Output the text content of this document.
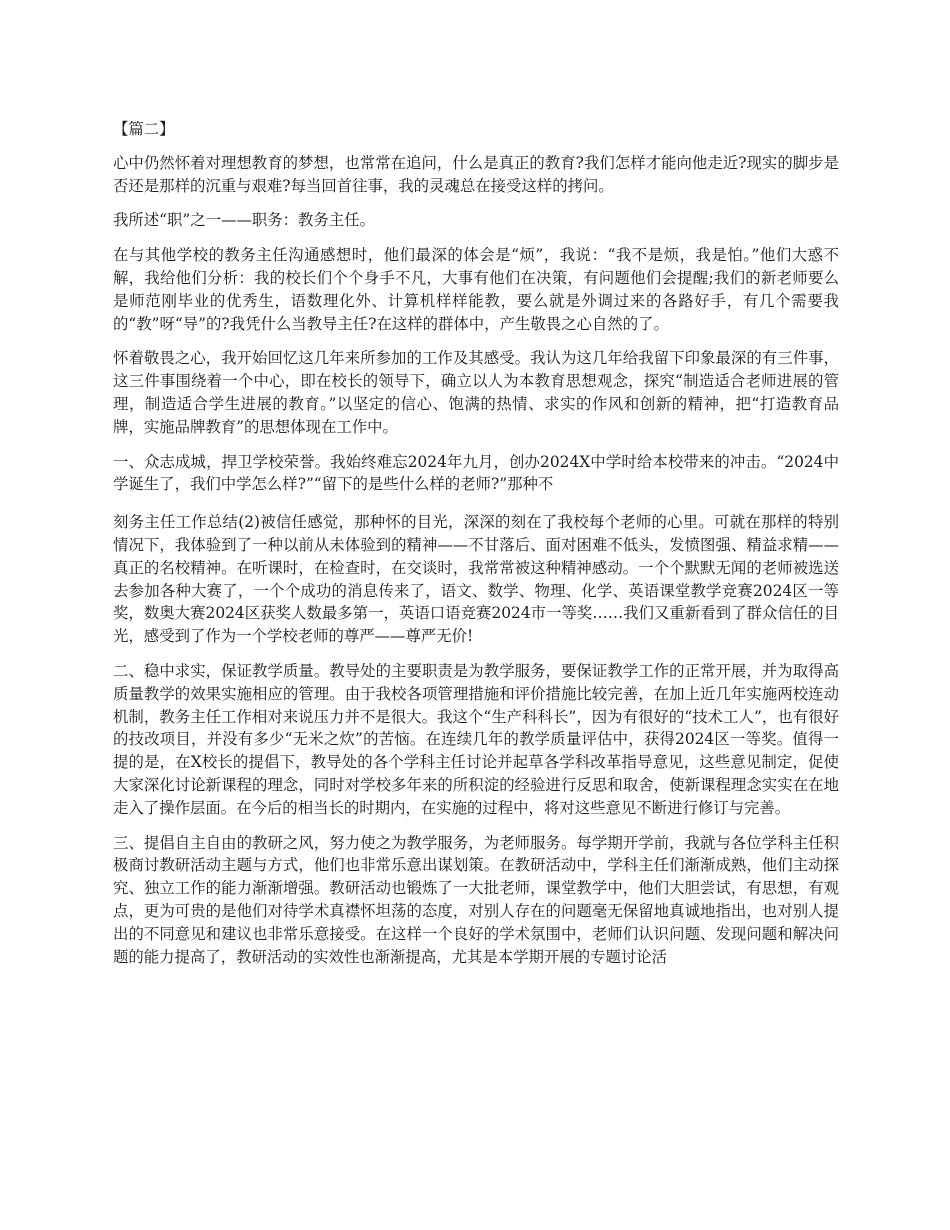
【篇二】

心中仍然怀着对理想教育的梦想，也常常在追问，什么是真正的教育?我们怎样才能向他走近?现实的脚步是否还是那样的沉重与艰难?每当回首往事，我的灵魂总在接受这样的拷问。

我所述“职”之一——职务：教务主任。

在与其他学校的教务主任沟通感想时，他们最深的体会是“烦”，我说：“我不是烦，我是怕。”他们大惑不解，我给他们分析：我的校长们个个身手不凡，大事有他们在决策，有问题他们会提醒;我们的新老师要么是师范刚毕业的优秀生，语数理化外、计算机样样能教，要么就是外调过来的各路好手，有几个需要我的“教”呀“导”的?我凭什么当教导主任?在这样的群体中，产生敬畏之心自然的了。

怀着敬畏之心，我开始回忆这几年来所参加的工作及其感受。我认为这几年给我留下印象最深的有三件事，这三件事围绕着一个中心，即在校长的领导下，确立以人为本教育思想观念，探究“制造适合老师进展的管理，制造适合学生进展的教育。”以坚定的信心、饱满的热情、求实的作风和创新的精神，把“打造教育品牌，实施品牌教育”的思想体现在工作中。

一、众志成城，捍卫学校荣誉。我始终难忘2024年九月，创办2024X中学时给本校带来的冲击。“2024中学诞生了，我们中学怎么样?”“留下的是些什么样的老师?”那种不

刻务主任工作总结(2)被信任感觉，那种怀的目光，深深的刻在了我校每个老师的心里。可就在那样的特别情况下，我体验到了一种以前从未体验到的精神——不甘落后、面对困难不低头，发愤图强、精益求精——真正的名校精神。在听课时，在检查时，在交谈时，我常常被这种精神感动。一个个默默无闻的老师被选送去参加各种大赛了，一个个成功的消息传来了，语文、数学、物理、化学、英语课堂教学竞赛2024区一等奖，数奥大赛2024区获奖人数最多第一，英语口语竞赛2024市一等奖……我们又重新看到了群众信任的目光，感受到了作为一个学校老师的尊严——尊严无价!

二、稳中求实，保证教学质量。教导处的主要职责是为教学服务，要保证教学工作的正常开展，并为取得高质量教学的效果实施相应的管理。由于我校各项管理措施和评价措施比较完善，在加上近几年实施两校连动机制，教务主任工作相对来说压力并不是很大。我这个“生产科科长”，因为有很好的“技术工人”，也有很好的技改项目，并没有多少“无米之炊”的苦恼。在连续几年的教学质量评估中，获得2024区一等奖。值得一提的是，在X校长的提倡下，教导处的各个学科主任讨论并起草各学科改革指导意见，这些意见制定，促使大家深化讨论新课程的理念，同时对学校多年来的所积淀的经验进行反思和取舍，使新课程理念实实在在地走入了操作层面。在今后的相当长的时期内，在实施的过程中，将对这些意见不断进行修订与完善。

三、提倡自主自由的教研之风，努力使之为教学服务，为老师服务。每学期开学前，我就与各位学科主任积极商讨教研活动主题与方式，他们也非常乐意出谋划策。在教研活动中，学科主任们渐渐成熟，他们主动探究、独立工作的能力渐渐增强。教研活动也锻炼了一大批老师，课堂教学中，他们大胆尝试，有思想，有观点，更为可贵的是他们对待学术真襟怀坦荡的态度，对别人存在的问题毫无保留地真诚地指出，也对别人提出的不同意见和建议也非常乐意接受。在这样一个良好的学术氛围中，老师们认识问题、发现问题和解决问题的能力提高了，教研活动的实效性也渐渐提高，尤其是本学期开展的专题讨论活
